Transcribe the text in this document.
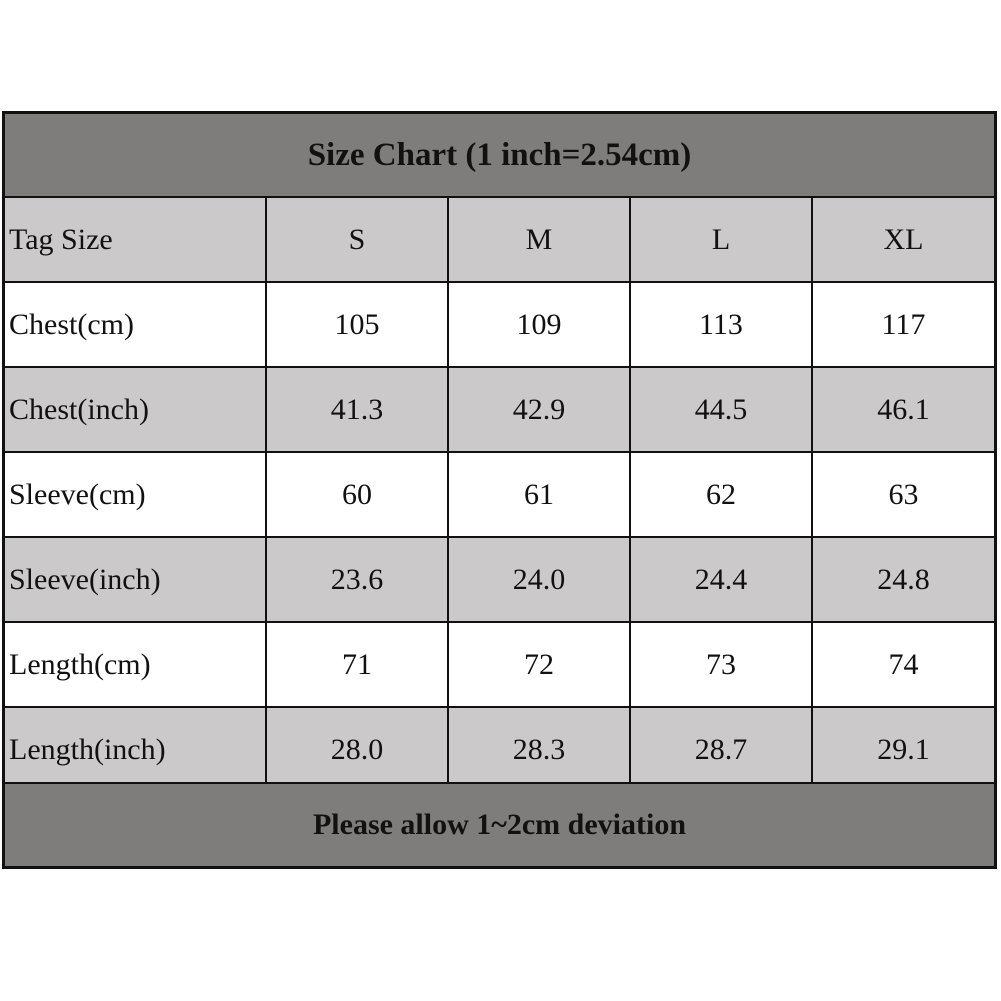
Size Chart (1 inch=2.54cm)
Tag Size	S	M	L	XL
Chest(cm)	105	109	113	117
Chest(inch)	41.3	42.9	44.5	46.1
Sleeve(cm)	60	61	62	63
Sleeve(inch)	23.6	24.0	24.4	24.8
Length(cm)	71	72	73	74
Length(inch)	28.0	28.3	28.7	29.1
Please allow 1~2cm deviation
